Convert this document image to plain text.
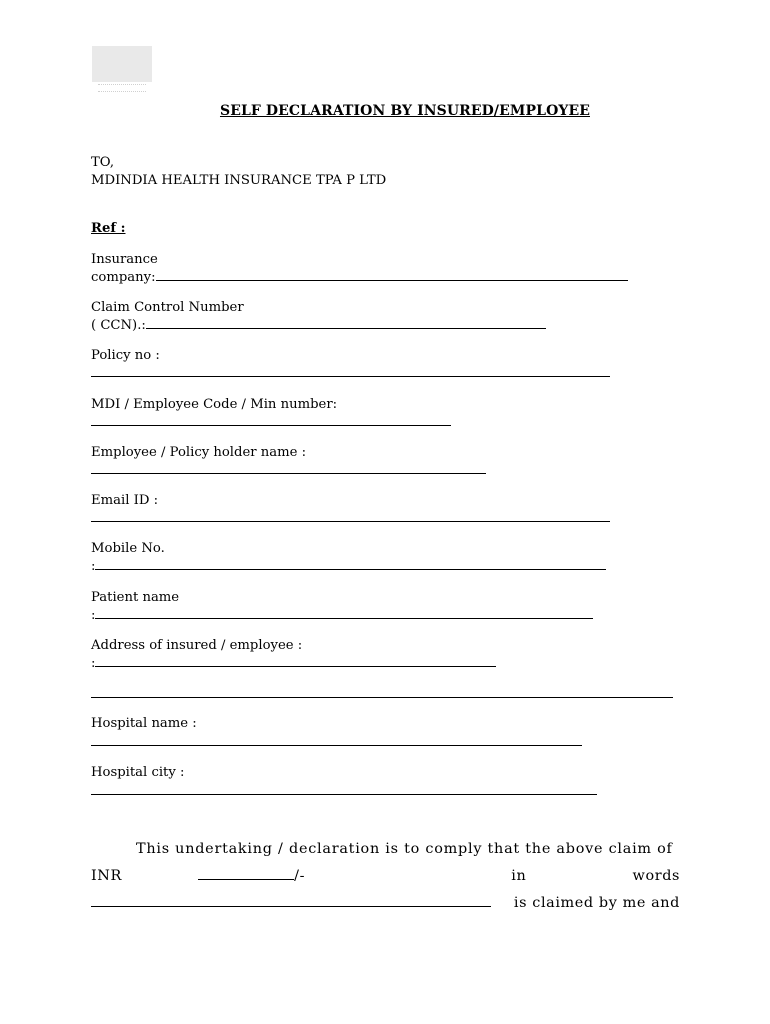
SELF DECLARATION BY INSURED/EMPLOYEE
TO,
MDINDIA HEALTH INSURANCE TPA P LTD
Ref :
Insurance
company:
Claim Control Number
( CCN).:
Policy no :
MDI / Employee Code / Min number:
Employee / Policy holder name :
Email ID :
Mobile No.
:
Patient name
:
Address of insured / employee :
:
Hospital name :
Hospital city :
This undertaking / declaration is to comply that the above claim of
INR	/-	in	words
is claimed by me and
